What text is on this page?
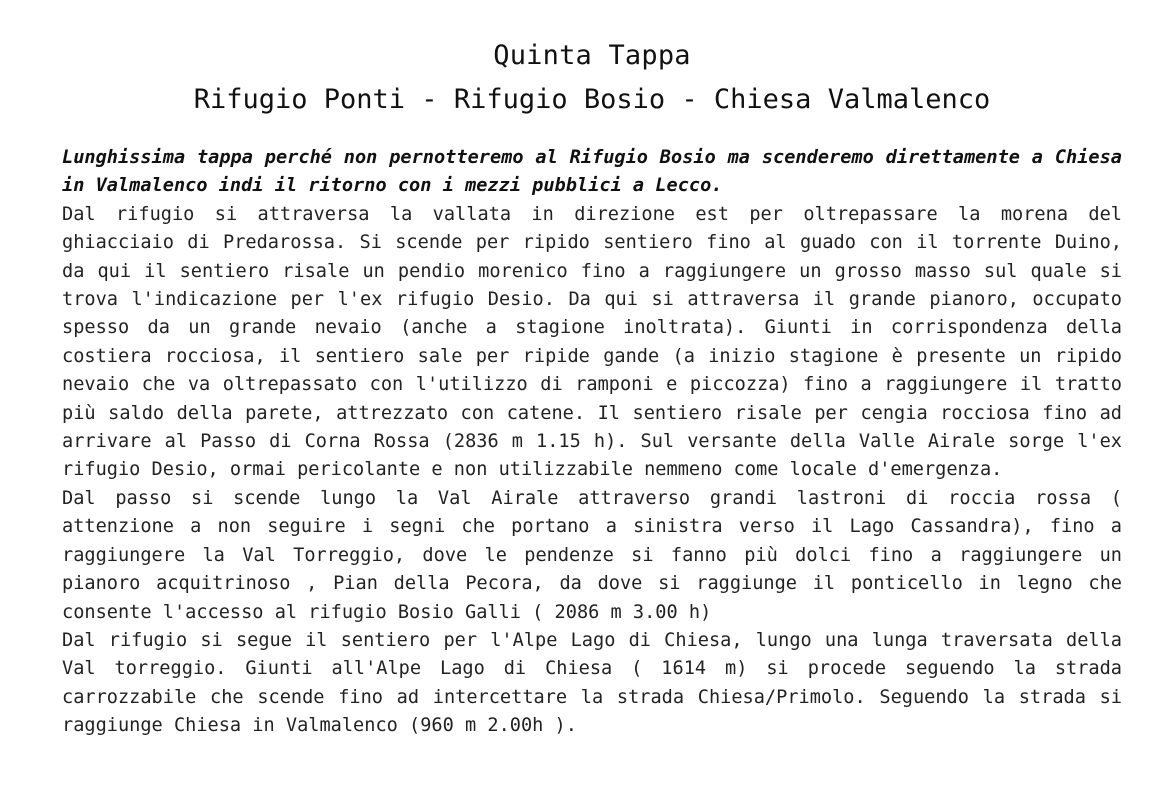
Quinta Tappa
Rifugio Ponti - Rifugio Bosio - Chiesa Valmalenco

Lunghissima tappa perché non pernotteremo al Rifugio Bosio ma scenderemo direttamente a Chiesa in Valmalenco indi il ritorno con i mezzi pubblici a Lecco.

Dal rifugio si attraversa la vallata in direzione est per oltrepassare la morena del ghiacciaio di Predarossa. Si scende per ripido sentiero fino al guado con il torrente Duino, da qui il sentiero risale un pendio morenico fino a raggiungere un grosso masso sul quale si trova l'indicazione per l'ex rifugio Desio. Da qui si attraversa il grande pianoro, occupato spesso da un grande nevaio (anche a stagione inoltrata). Giunti in corrispondenza della costiera rocciosa, il sentiero sale per ripide gande (a inizio stagione è presente un ripido nevaio che va oltrepassato con l'utilizzo di ramponi e piccozza) fino a raggiungere il tratto più saldo della parete, attrezzato con catene. Il sentiero risale per cengia rocciosa fino ad arrivare al Passo di Corna Rossa (2836 m 1.15 h). Sul versante della Valle Airale sorge l'ex rifugio Desio, ormai pericolante e non utilizzabile nemmeno come locale d'emergenza.

Dal passo si scende lungo la Val Airale attraverso grandi lastroni di roccia rossa ( attenzione a non seguire i segni che portano a sinistra verso il Lago Cassandra), fino a raggiungere la Val Torreggio, dove le pendenze si fanno più dolci fino a raggiungere un pianoro acquitrinoso , Pian della Pecora, da dove si raggiunge il ponticello in legno che consente l'accesso al rifugio Bosio Galli ( 2086 m 3.00 h)

Dal rifugio si segue il sentiero per l'Alpe Lago di Chiesa, lungo una lunga traversata della Val torreggio. Giunti all'Alpe Lago di Chiesa ( 1614 m) si procede seguendo la strada carrozzabile che scende fino ad intercettare la strada Chiesa/Primolo. Seguendo la strada si raggiunge Chiesa in Valmalenco (960 m 2.00h ).
